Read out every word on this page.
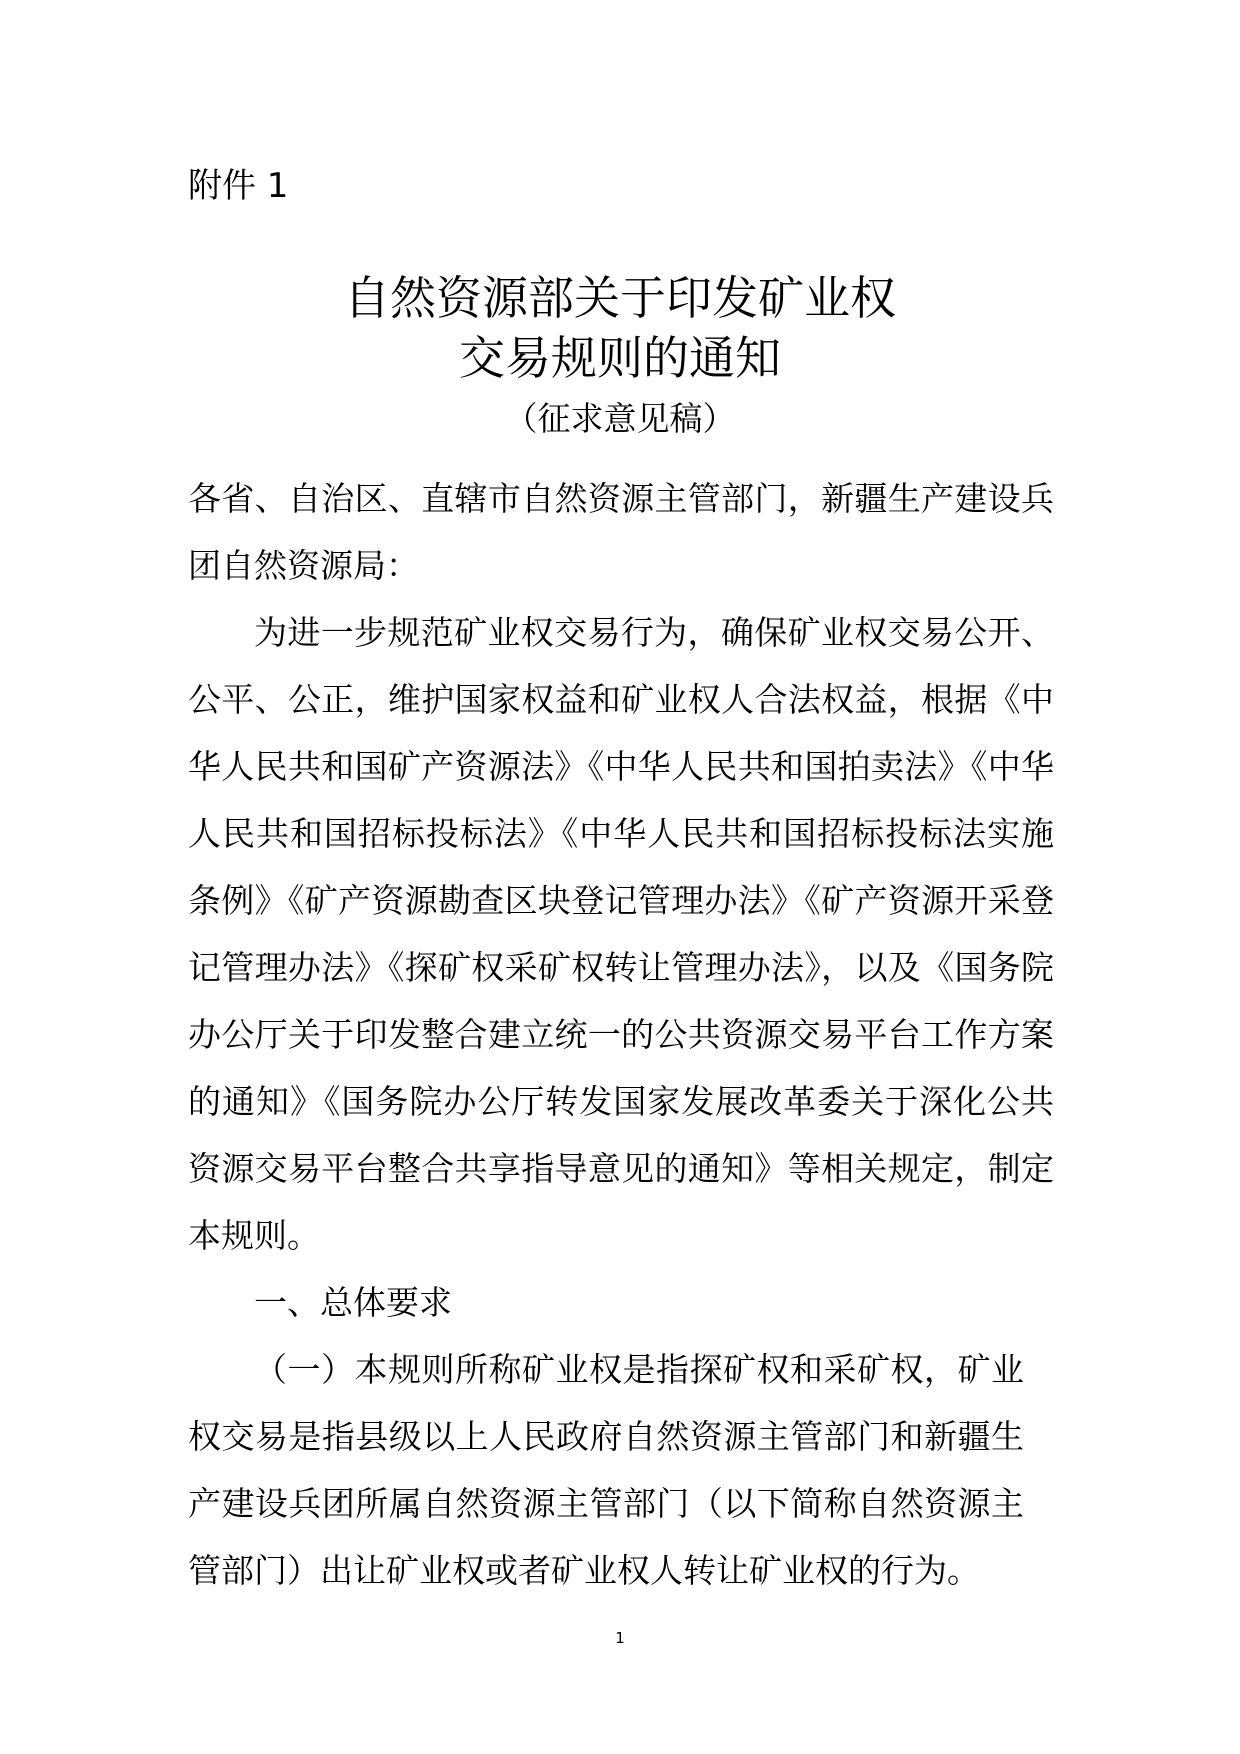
附件 1
自然资源部关于印发矿业权
交易规则的通知
（征求意见稿）

各省、自治区、直辖市自然资源主管部门，新疆生产建设兵团自然资源局：

为进一步规范矿业权交易行为，确保矿业权交易公开、公平、公正，维护国家权益和矿业权人合法权益，根据《中华人民共和国矿产资源法》《中华人民共和国拍卖法》《中华人民共和国招标投标法》《中华人民共和国招标投标法实施条例》《矿产资源勘查区块登记管理办法》《矿产资源开采登记管理办法》《探矿权采矿权转让管理办法》，以及《国务院办公厅关于印发整合建立统一的公共资源交易平台工作方案的通知》《国务院办公厅转发国家发展改革委关于深化公共资源交易平台整合共享指导意见的通知》等相关规定，制定本规则。

一、总体要求

（一）本规则所称矿业权是指探矿权和采矿权，矿业权交易是指县级以上人民政府自然资源主管部门和新疆生产建设兵团所属自然资源主管部门（以下简称自然资源主管部门）出让矿业权或者矿业权人转让矿业权的行为。

1
